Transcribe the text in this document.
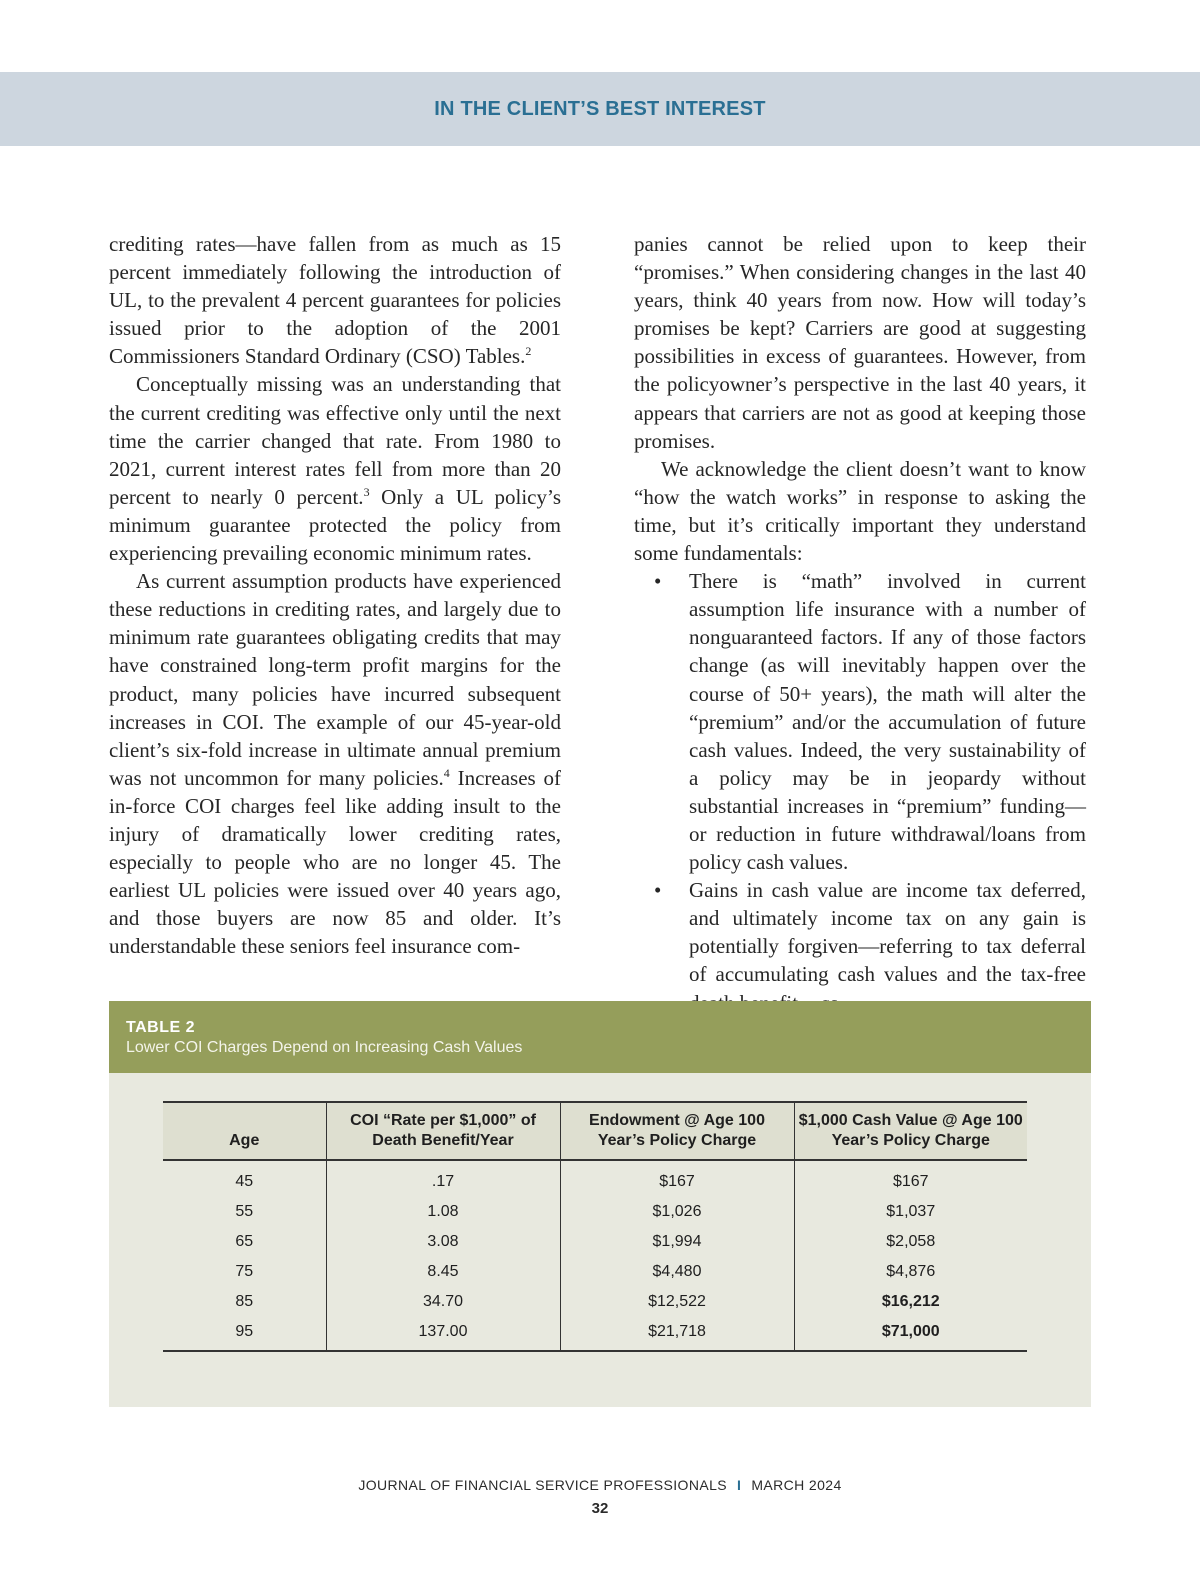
IN THE CLIENT’S BEST INTEREST

crediting rates—have fallen from as much as 15 percent immediately following the introduction of UL, to the prevalent 4 percent guarantees for policies issued prior to the adoption of the 2001 Commissioners Standard Ordinary (CSO) Tables.$^2$

Conceptually missing was an understanding that the current crediting was effective only until the next time the carrier changed that rate. From 1980 to 2021, current interest rates fell from more than 20 percent to nearly 0 percent.$^3$ Only a UL policy’s minimum guarantee protected the policy from experiencing prevailing economic minimum rates.

As current assumption products have experienced these reductions in crediting rates, and largely due to minimum rate guarantees obligating credits that may have constrained long-term profit margins for the product, many policies have incurred subsequent increases in COI. The example of our 45-year-old client’s six-fold increase in ultimate annual premium was not uncommon for many policies.$^4$ Increases of in-force COI charges feel like adding insult to the injury of dramatically lower crediting rates, especially to people who are no longer 45. The earliest UL policies were issued over 40 years ago, and those buyers are now 85 and older. It’s understandable these seniors feel insurance com-

panies cannot be relied upon to keep their “promises.” When considering changes in the last 40 years, think 40 years from now. How will today’s promises be kept? Carriers are good at suggesting possibilities in excess of guarantees. However, from the policyowner’s perspective in the last 40 years, it appears that carriers are not as good at keeping those promises.

We acknowledge the client doesn’t want to know “how the watch works” in response to asking the time, but it’s critically important they understand some fundamentals:

• There is “math” involved in current assumption life insurance with a number of nonguaranteed factors. If any of those factors change (as will inevitably happen over the course of 50+ years), the math will alter the “premium” and/or the accumulation of future cash values. Indeed, the very sustainability of a policy may be in jeopardy without substantial increases in “premium” funding—or reduction in future withdrawal/loans from policy cash values.
• Gains in cash value are income tax deferred, and ultimately income tax on any gain is potentially forgiven—referring to tax deferral of accumulating cash values and the tax-free
TABLE 2
Lower COI Charges Depend on Increasing Cash Values
Age	COI “Rate per $1,000” of Death Benefit/Year	Endowment @ Age 100 Year’s Policy Charge	$1,000 Cash Value @ Age 100 Year’s Policy Charge
45	.17	$167	$167
55	1.08	$1,026	$1,037
65	3.08	$1,994	$2,058
75	8.45	$4,480	$4,876
85	34.70	$12,522	$16,212
95	137.00	$21,718	$71,000
JOURNAL OF FINANCIAL SERVICE PROFESSIONALS I MARCH 2024
32
